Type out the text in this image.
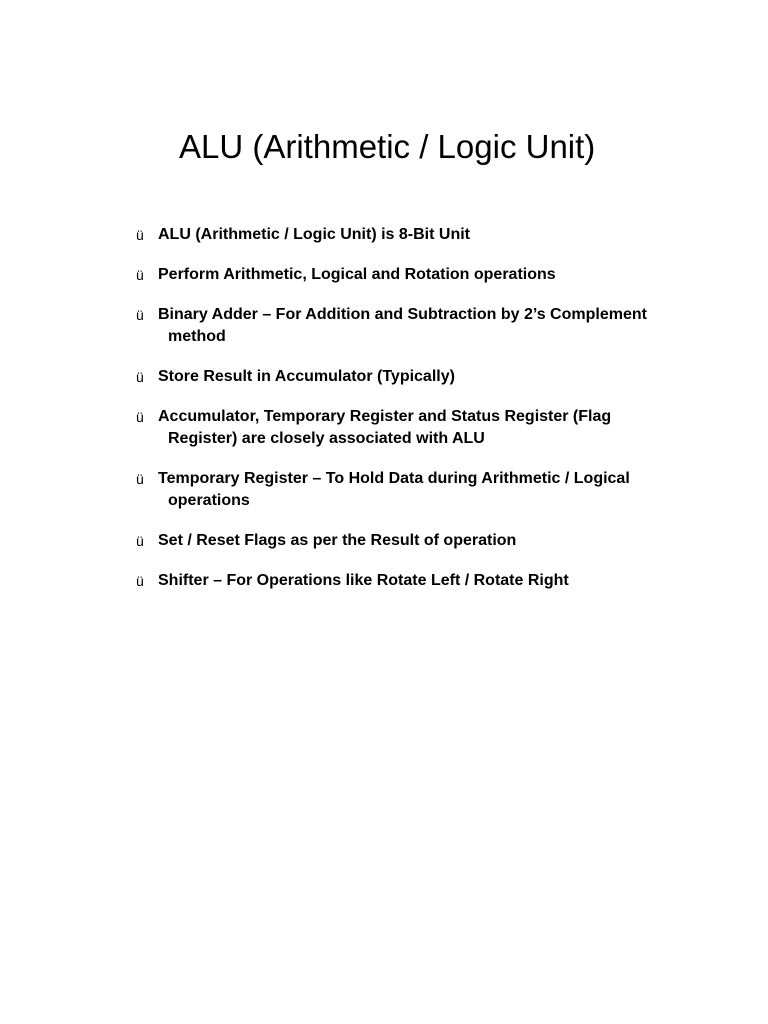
ALU (Arithmetic / Logic Unit)
ü ALU (Arithmetic / Logic Unit) is 8-Bit Unit
ü Perform Arithmetic, Logical and Rotation operations
ü Binary Adder – For Addition and Subtraction by 2’s Complement
method
ü Store Result in Accumulator (Typically)
ü Accumulator, Temporary Register and Status Register (Flag
Register) are closely associated with ALU
ü Temporary Register – To Hold Data during Arithmetic / Logical
operations
ü Set / Reset Flags as per the Result of operation
ü Shifter – For Operations like Rotate Left / Rotate Right
